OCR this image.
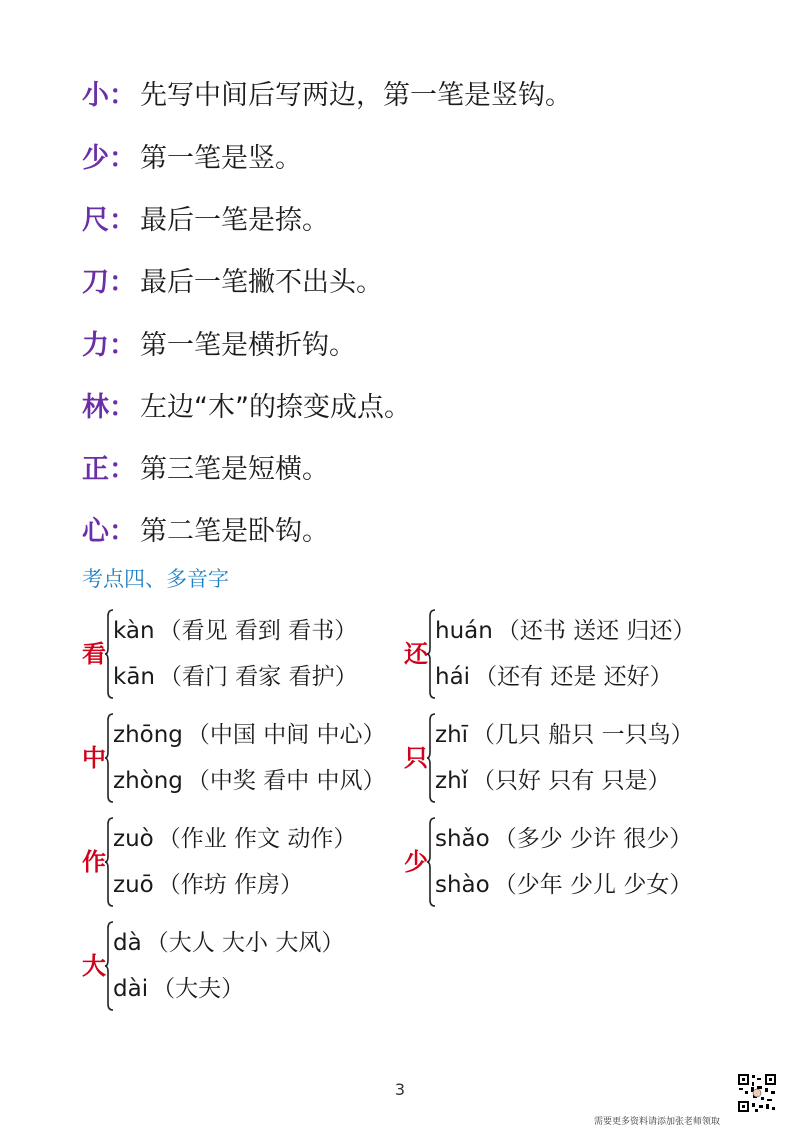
小 ： 先写中间后写两边，第一笔是竖钩。
少 ： 第一笔是竖。
尺 ： 最后一笔是捺。
刀 ： 最后一笔撇不出头。
力 ： 第一笔是横折钩。
林 ： 左边“木”的捺变成点。
正 ： 第三笔是短横。
心 ： 第二笔是卧钩。
考点四、多音字
看
kàn （看见 看到 看书）
kān （看门 看家 看护）
还
huán （还书 送还 归还）
hái （还有 还是 还好）
中
zhōng （中国 中间 中心）
zhòng （中奖 看中 中风）
只
zhī （几只 船只 一只鸟）
zhǐ （只好 只有 只是）
作
zuò （作业 作文 动作）
zuō （作坊 作房）
少
shǎo （多少 少许 很少）
shào （少年 少儿 少女）
大
dà （大人 大小 大风）
dài （大夫）
3
需要更多资料请添加张老师领取
